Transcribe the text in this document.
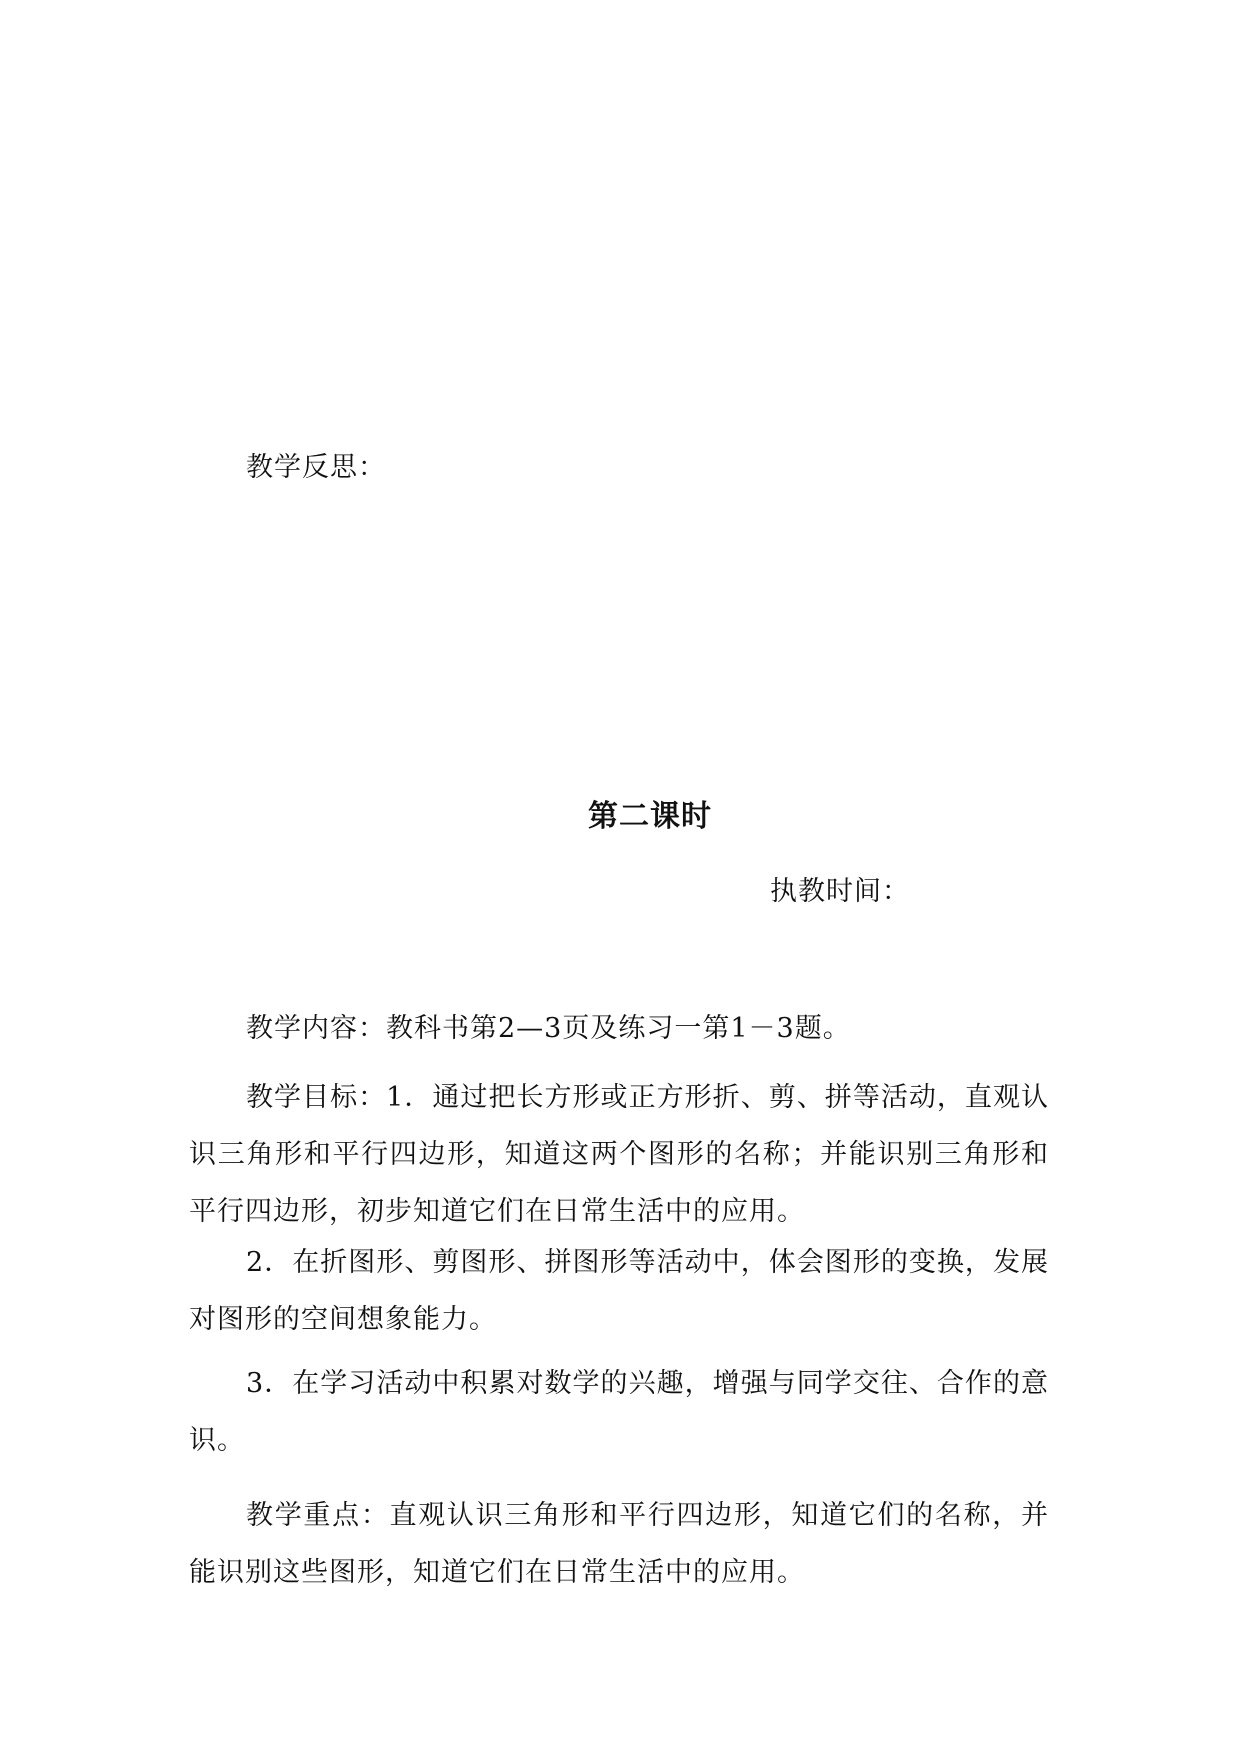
教学反思：
第二课时
执教时间：
教学内容：教科书第2—3页及练习一第1－3题。
教学目标：1．通过把长方形或正方形折、剪、拼等活动，直观认识三角形和平行四边形，知道这两个图形的名称；并能识别三角形和平行四边形，初步知道它们在日常生活中的应用。
2．在折图形、剪图形、拼图形等活动中，体会图形的变换，发展对图形的空间想象能力。
3．在学习活动中积累对数学的兴趣，增强与同学交往、合作的意识。
教学重点：直观认识三角形和平行四边形，知道它们的名称，并能识别这些图形，知道它们在日常生活中的应用。
